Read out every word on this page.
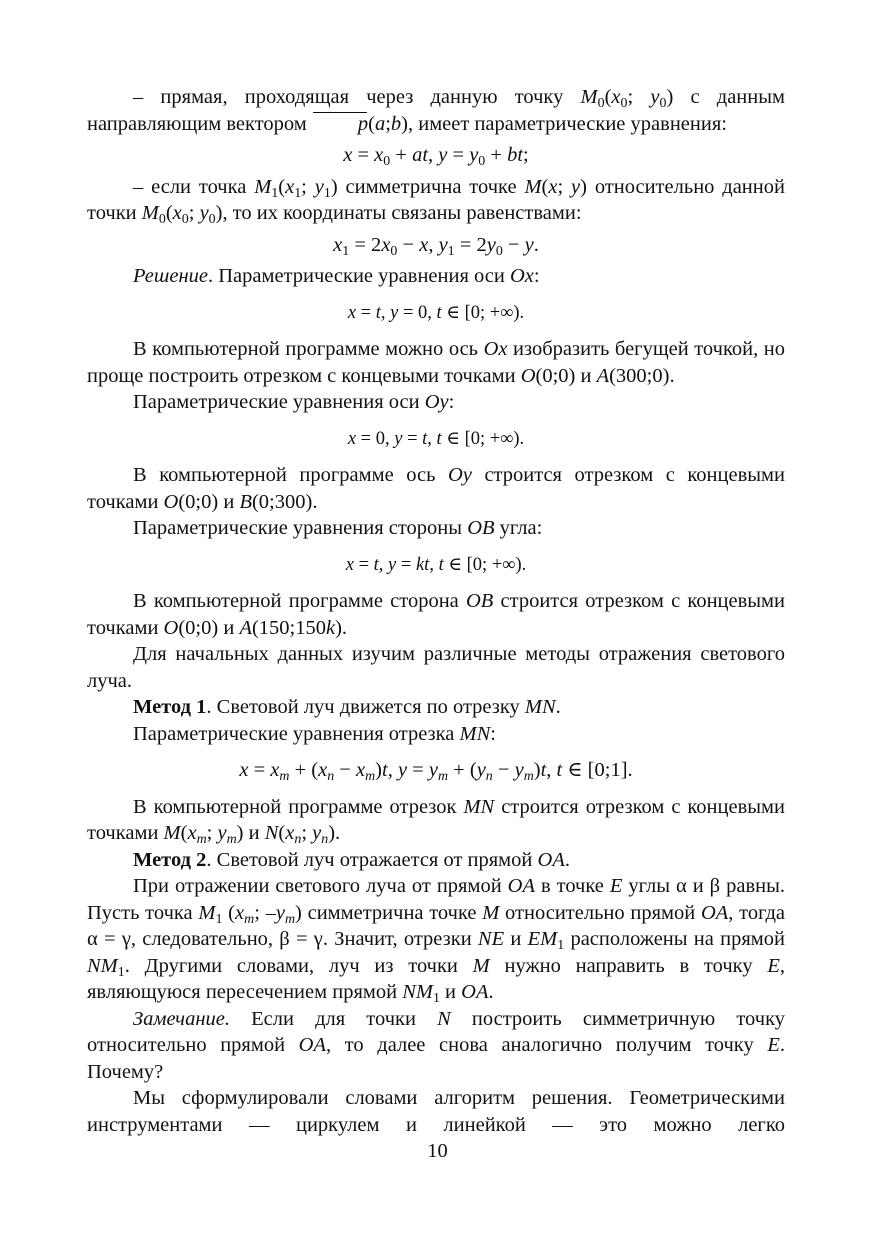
– прямая, проходящая через данную точку $M_0(x_0$; $y_0$) с данным направляющим вектором p(a;b), имеет параметрические уравнения:

$x = x_0$ + at, $y = y_0$ + bt;

– если точка $M_1(x_1$; $y_1$) симметрична точке M(x; y) относительно данной точки $M_0(x_0$; $y_0$), то их координаты связаны равенствами:

$x_1 = 2x_0 - x$, $y_1 = 2y_0 - y$.

Решение. Параметрические уравнения оси Ox:

x = t, y = 0, t ∈ [0; +∞).

В компьютерной программе можно ось Ox изобразить бегущей точкой, но проще построить отрезком с концевыми точками O(0;0) и A(300;0).

Параметрические уравнения оси Oy:

x = 0, y = t, t ∈ [0; +∞).

В компьютерной программе ось Oy строится отрезком с концевыми точками O(0;0) и B(0;300).

Параметрические уравнения стороны OB угла:

x = t, y = kt, t ∈ [0; +∞).

В компьютерной программе сторона OB строится отрезком с концевыми точками O(0;0) и A(150;150k).

Для начальных данных изучим различные методы отражения светового луча.

Метод 1. Световой луч движется по отрезку MN.

Параметрические уравнения отрезка MN:

$x = x_m + (x_n - x_m)t$, $y = y_m + (y_n - y_m)t$, t ∈ [0;1].

В компьютерной программе отрезок MN строится отрезком с концевыми точками $M(x_m$; $y_m$) и $N(x_n$; $y_n$).

Метод 2. Световой луч отражается от прямой OA.

При отражении светового луча от прямой OA в точке E углы α и β равны. Пусть точка $M_1$ ($x_m$; $-y_m$) симметрична точке M относительно прямой OA, тогда α = γ, следовательно, β = γ. Значит, отрезки NE и $EM_1$ расположены на прямой $NM_1$. Другими словами, луч из точки M нужно направить в точку E, являющуюся пересечением прямой $NM_1$ и OA.

Замечание. Если для точки N построить симметричную точку относительно прямой OA, то далее снова аналогично получим точку E. Почему?

Мы сформулировали словами алгоритм решения. Геометрическими инструментами — циркулем и линейкой — это можно легко

10
